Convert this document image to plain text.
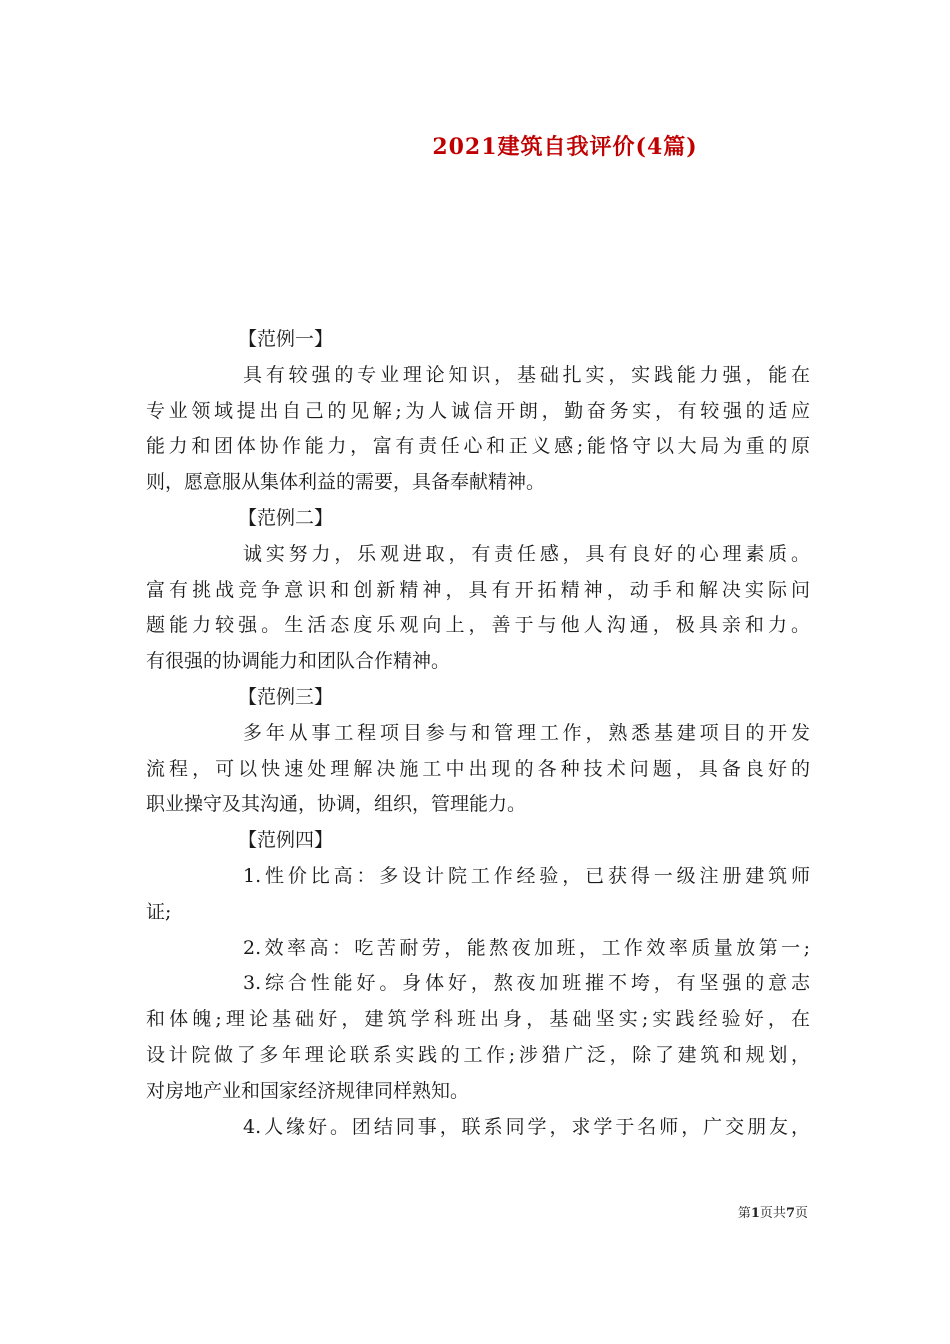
2021建筑自我评价(4篇)
【范例一】
具有较强的专业理论知识，基础扎实，实践能力强，能在
专业领域提出自己的见解;为人诚信开朗，勤奋务实，有较强的适应
能力和团体协作能力，富有责任心和正义感;能恪守以大局为重的原
则，愿意服从集体利益的需要，具备奉献精神。
【范例二】
诚实努力，乐观进取，有责任感，具有良好的心理素质。
富有挑战竞争意识和创新精神，具有开拓精神，动手和解决实际问
题能力较强。生活态度乐观向上，善于与他人沟通，极具亲和力。
有很强的协调能力和团队合作精神。
【范例三】
多年从事工程项目参与和管理工作，熟悉基建项目的开发
流程，可以快速处理解决施工中出现的各种技术问题，具备良好的
职业操守及其沟通，协调，组织，管理能力。
【范例四】
1.性价比高：多设计院工作经验，已获得一级注册建筑师
证;
2.效率高：吃苦耐劳，能熬夜加班，工作效率质量放第一;
3.综合性能好。身体好，熬夜加班摧不垮，有坚强的意志
和体魄;理论基础好，建筑学科班出身，基础坚实;实践经验好，在
设计院做了多年理论联系实践的工作;涉猎广泛，除了建筑和规划，
对房地产业和国家经济规律同样熟知。
4.人缘好。团结同事，联系同学，求学于名师，广交朋友，
第1页共7页
